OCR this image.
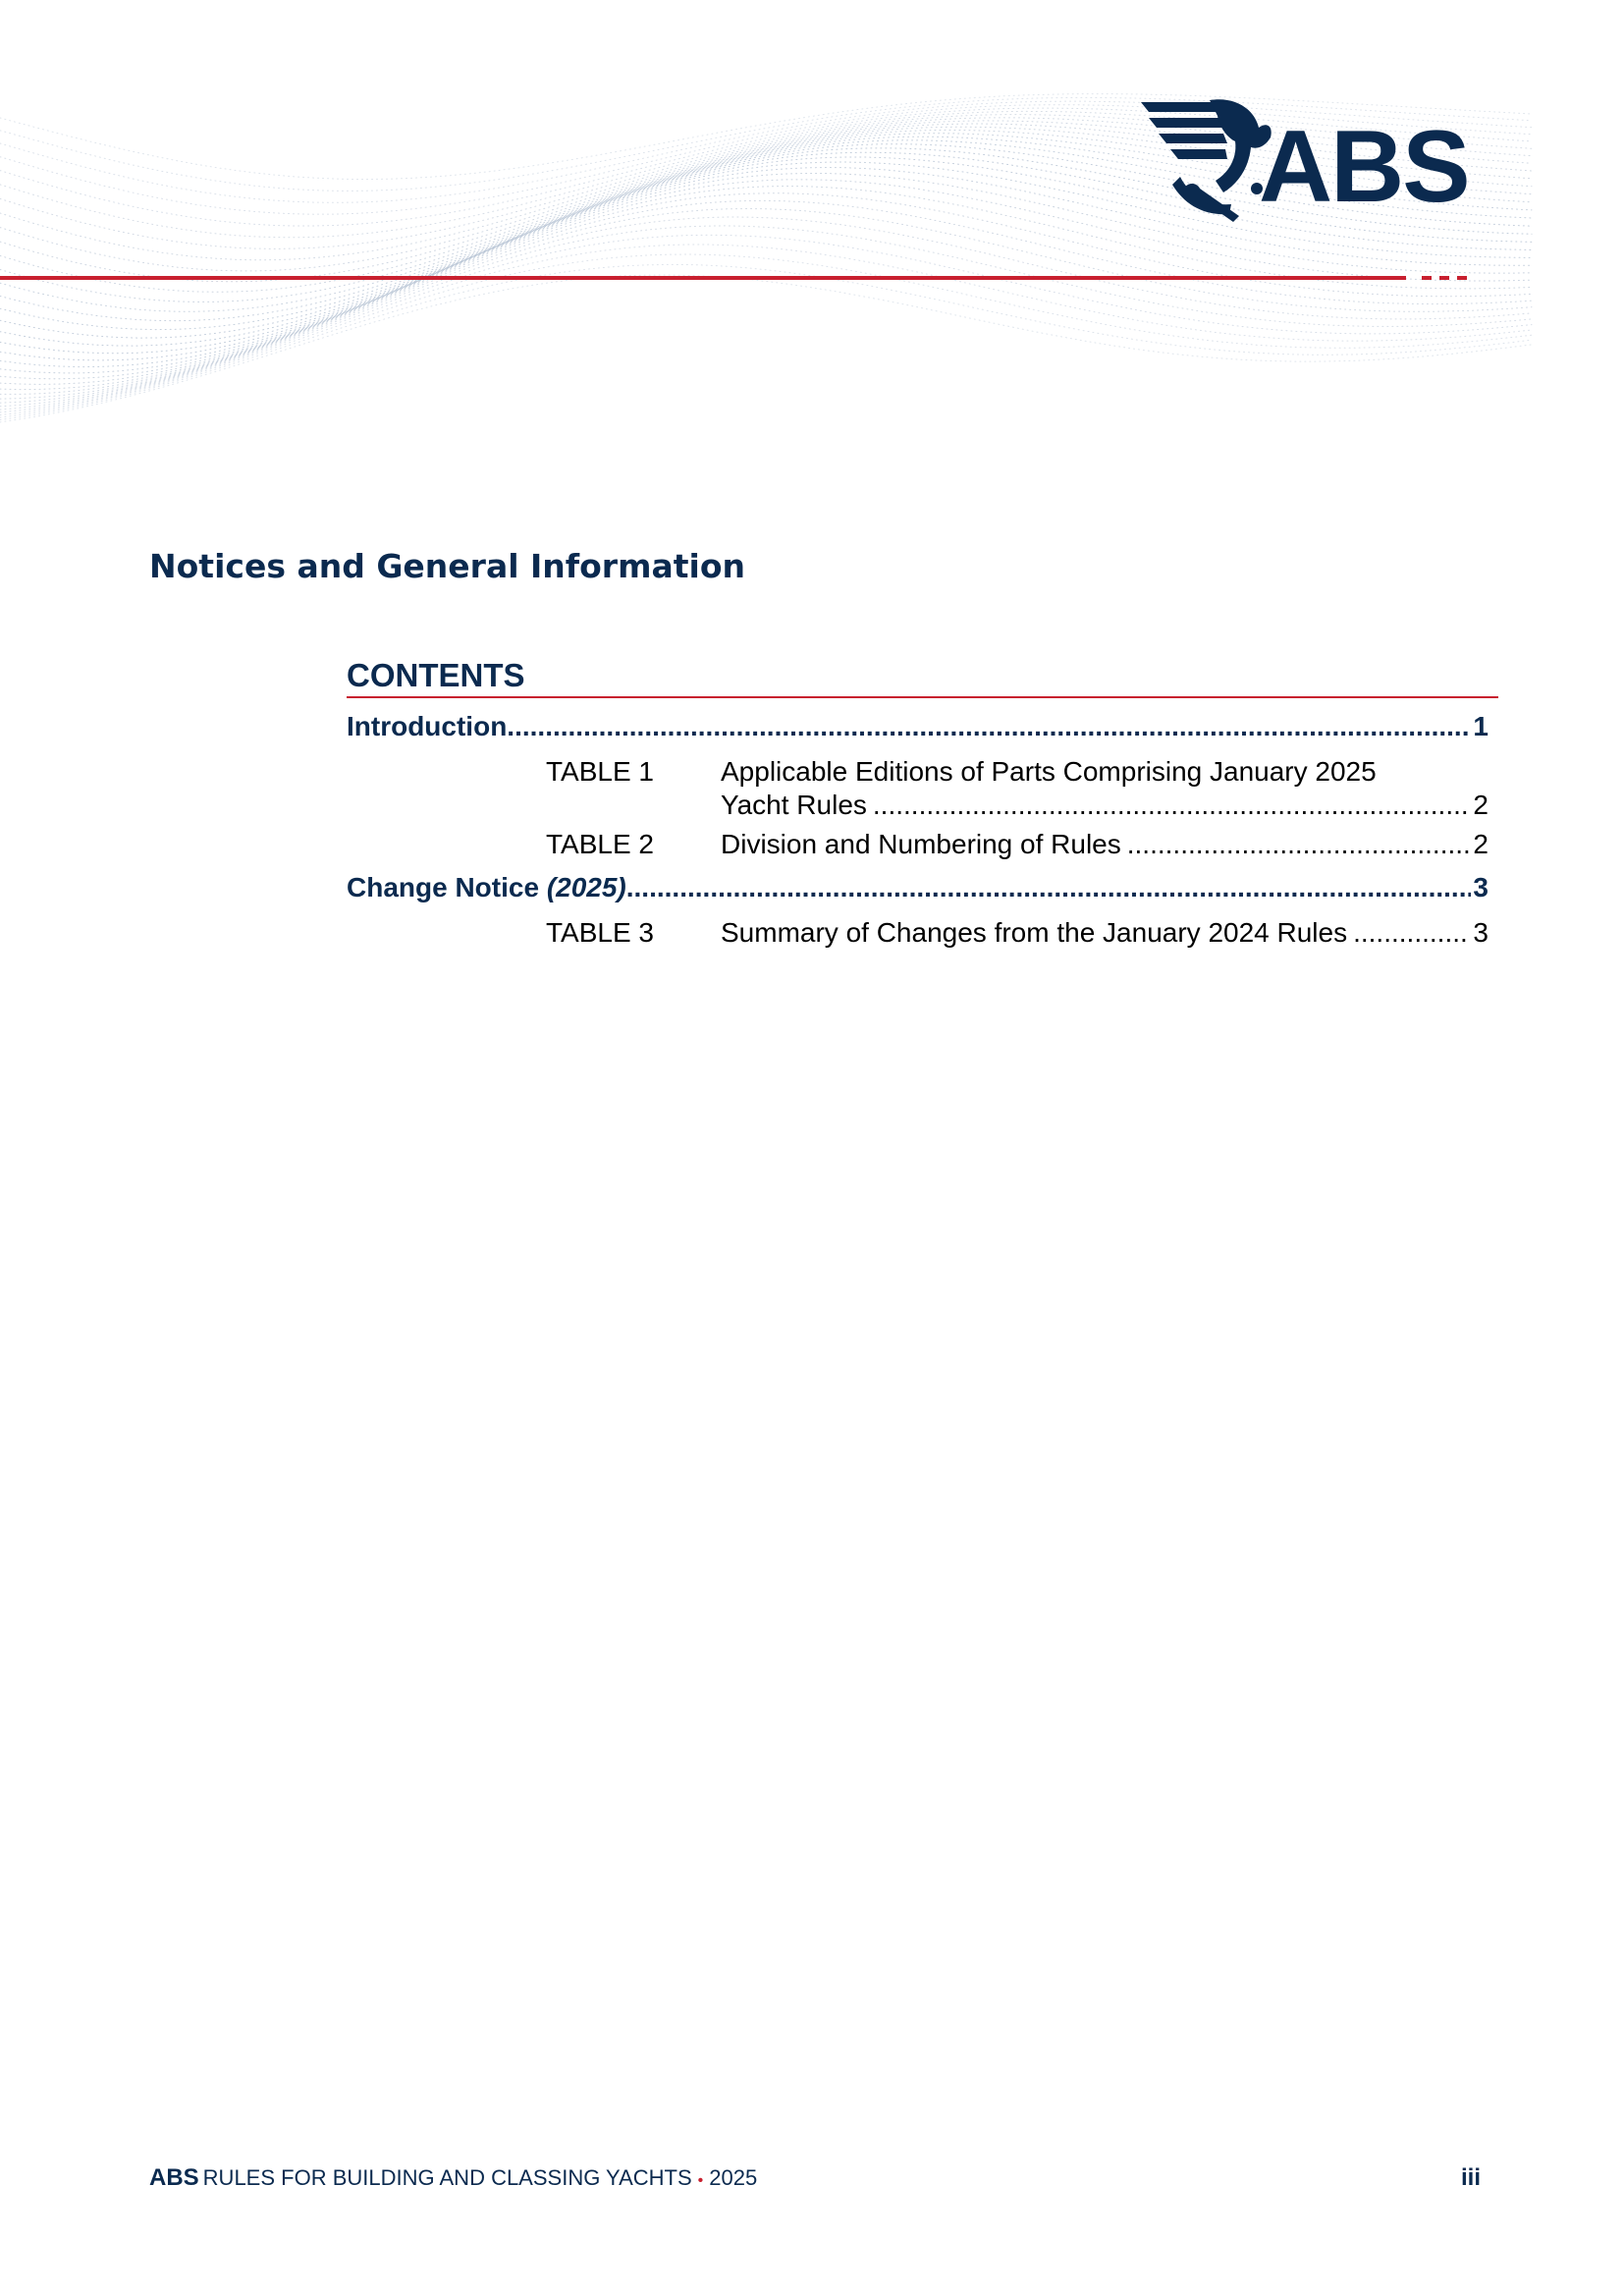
ABS
Notices and General Information
CONTENTS
Introduction .....	1
TABLE 1 Applicable Editions of Parts Comprising January 2025
Yacht Rules .....	2
TABLE 2 Division and Numbering of Rules .....	2
Change Notice (2025) .....	3
TABLE 3 Summary of Changes from the January 2024 Rules .....	3
ABS RULES FOR BUILDING AND CLASSING YACHTS • 2025	iii
